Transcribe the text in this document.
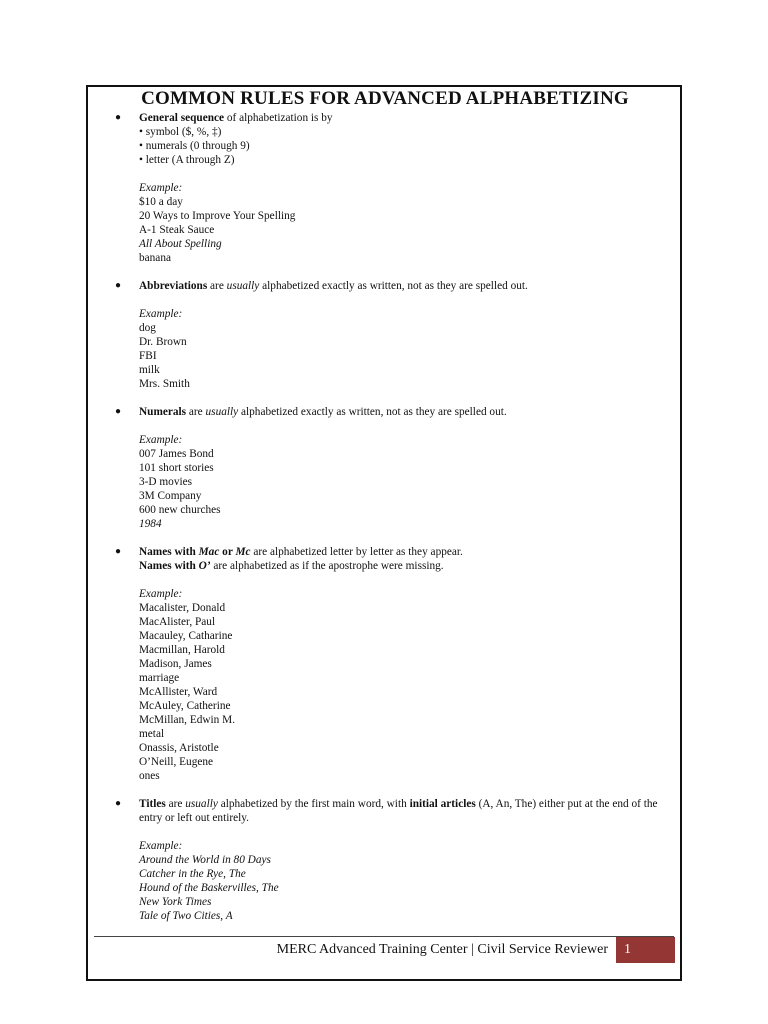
COMMON RULES FOR ADVANCED ALPHABETIZING
● General sequence of alphabetization is by
• symbol ($, %, ‡)
• numerals (0 through 9)
• letter (A through Z)
Example:
$10 a day
20 Ways to Improve Your Spelling
A-1 Steak Sauce
All About Spelling
banana
● Abbreviations are usually alphabetized exactly as written, not as they are spelled out.
Example:
dog
Dr. Brown
FBI
milk
Mrs. Smith
● Numerals are usually alphabetized exactly as written, not as they are spelled out.
Example:
007 James Bond
101 short stories
3-D movies
3M Company
600 new churches
1984
● Names with Mac or Mc are alphabetized letter by letter as they appear.
Names with O’ are alphabetized as if the apostrophe were missing.
Example:
Macalister, Donald
MacAlister, Paul
Macauley, Catharine
Macmillan, Harold
Madison, James
marriage
McAllister, Ward
McAuley, Catherine
McMillan, Edwin M.
metal
Onassis, Aristotle
O’Neill, Eugene
ones
● Titles are usually alphabetized by the first main word, with initial articles (A, An, The) either put at the end of the entry or left out entirely.
Example:
Around the World in 80 Days
Catcher in the Rye, The
Hound of the Baskervilles, The
New York Times
Tale of Two Cities, A
MERC Advanced Training Center | Civil Service Reviewer	1
